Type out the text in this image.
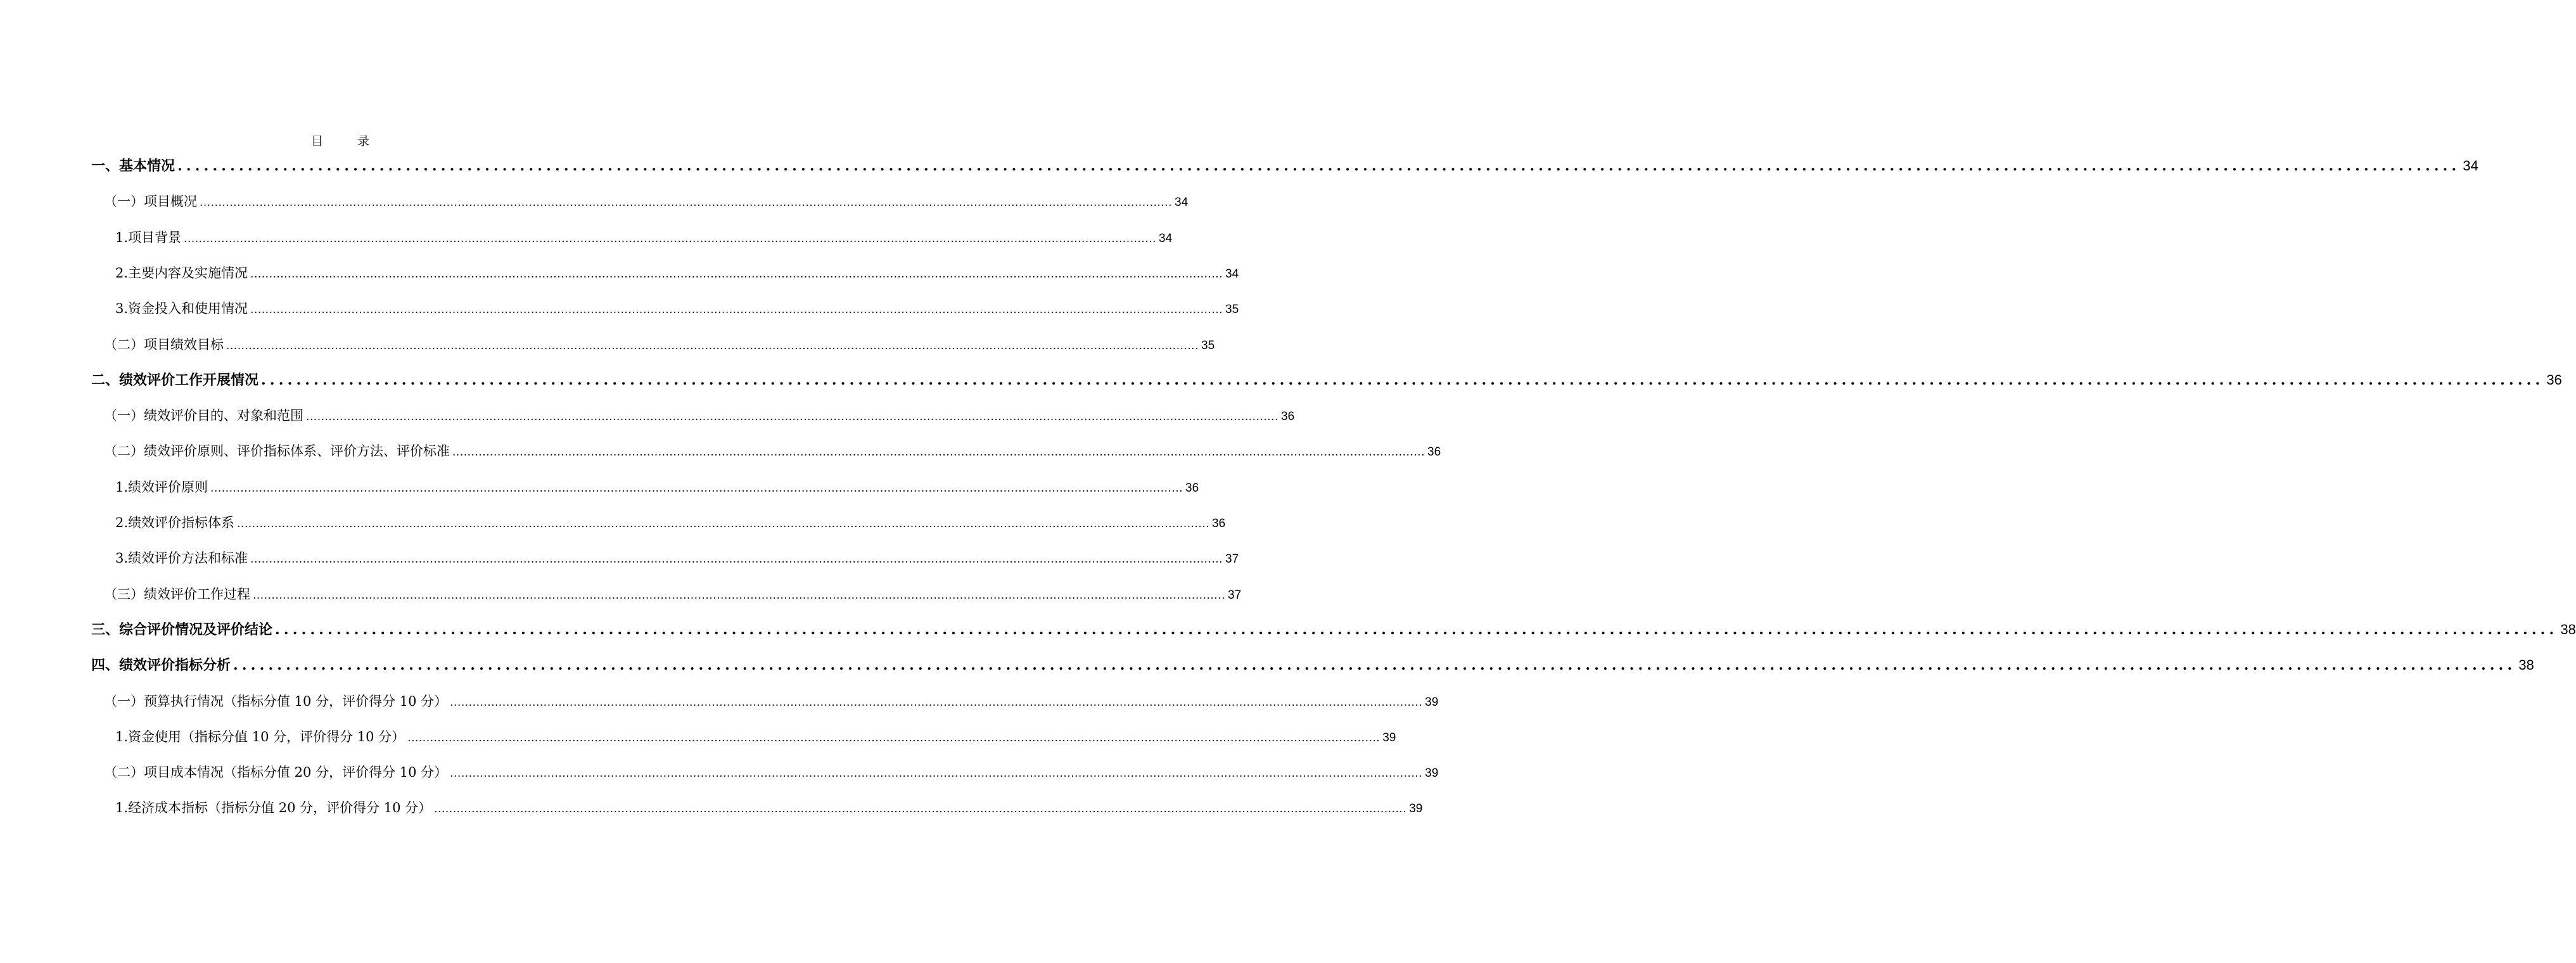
目 录
一、基本情况 .................................................................................................................................................................................................................................................................... 34
（一）项目概况 .................................................................................................................................................................................................................................................................... 34
1.项目背景 .................................................................................................................................................................................................................................................................... 34
2.主要内容及实施情况 .................................................................................................................................................................................................................................................................... 34
3.资金投入和使用情况 .................................................................................................................................................................................................................................................................... 35
（二）项目绩效目标 .................................................................................................................................................................................................................................................................... 35
二、绩效评价工作开展情况 .................................................................................................................................................................................................................................................................... 36
（一）绩效评价目的、对象和范围 .................................................................................................................................................................................................................................................................... 36
（二）绩效评价原则、评价指标体系、评价方法、评价标准 .................................................................................................................................................................................................................................................................... 36
1.绩效评价原则 .................................................................................................................................................................................................................................................................... 36
2.绩效评价指标体系 .................................................................................................................................................................................................................................................................... 36
3.绩效评价方法和标准 .................................................................................................................................................................................................................................................................... 37
（三）绩效评价工作过程 .................................................................................................................................................................................................................................................................... 37
三、综合评价情况及评价结论 .................................................................................................................................................................................................................................................................... 38
四、绩效评价指标分析 .................................................................................................................................................................................................................................................................... 38
（一）预算执行情况（指标分值 10 分，评价得分 10 分） .................................................................................................................................................................................................................................................................... 39
1.资金使用（指标分值 10 分，评价得分 10 分） .................................................................................................................................................................................................................................................................... 39
（二）项目成本情况（指标分值 20 分，评价得分 10 分） .................................................................................................................................................................................................................................................................... 39
1.经济成本指标（指标分值 20 分，评价得分 10 分） .................................................................................................................................................................................................................................................................... 39
